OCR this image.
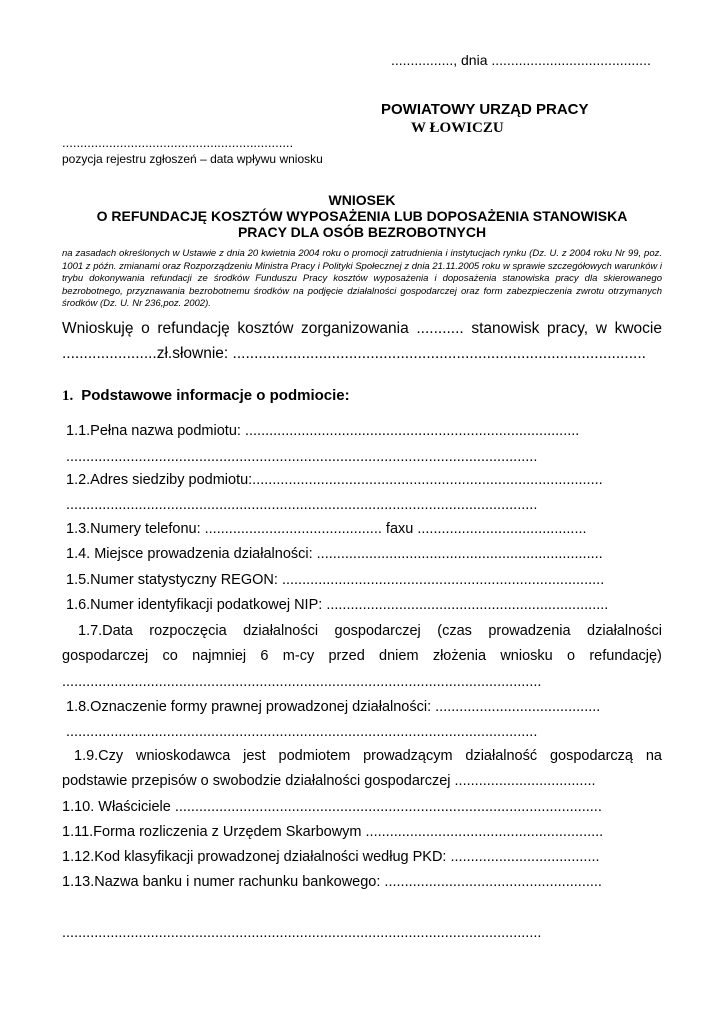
................, dnia .........................................
POWIATOWY URZĄD PRACY
W ŁOWICZU
................................................................
pozycja rejestru zgłoszeń – data wpływu wniosku
WNIOSEK
O REFUNDACJĘ KOSZTÓW WYPOSAŻENIA LUB DOPOSAŻENIA STANOWISKA
PRACY DLA OSÓB BEZROBOTNYCH
na zasadach określonych w Ustawie z dnia 20 kwietnia 2004 roku o promocji zatrudnienia i instytucjach rynku (Dz. U. z 2004 roku Nr 99, poz. 1001 z późn. zmianami oraz Rozporządzeniu Ministra Pracy i Polityki Społecznej z dnia 21.11.2005 roku w sprawie szczegółowych warunków i trybu dokonywania refundacji ze środków Funduszu Pracy kosztów wyposażenia i doposażenia stanowiska pracy dla skierowanego bezrobotnego, przyznawania bezrobotnemu środków na podjęcie działalności gospodarczej oraz form zabezpieczenia zwrotu otrzymanych środków (Dz. U. Nr 236,poz. 2002).
Wnioskuję o refundację kosztów zorganizowania ........... stanowisk pracy, w kwocie
......................zł.słownie: ................................................................................................
1. Podstawowe informacje o podmiocie:
1.1.Pełna nazwa podmiotu: ...................................................................................
.....................................................................................................................
1.2.Adres siedziby podmiotu:.......................................................................................
.....................................................................................................................
1.3.Numery telefonu: ............................................ faxu ..........................................
1.4. Miejsce prowadzenia działalności: .......................................................................
1.5.Numer statystyczny REGON: ................................................................................
1.6.Numer identyfikacji podatkowej NIP: ......................................................................
1.7.Data rozpoczęcia działalności gospodarczej (czas prowadzenia działalności
gospodarczej co najmniej 6 m-cy przed dniem złożenia wniosku o refundację)
.......................................................................................................................
1.8.Oznaczenie formy prawnej prowadzonej działalności: .........................................
.....................................................................................................................
1.9.Czy wnioskodawca jest podmiotem prowadzącym działalność gospodarczą na
podstawie przepisów o swobodzie działalności gospodarczej ...................................
1.10. Właściciele ..........................................................................................................
1.11.Forma rozliczenia z Urzędem Skarbowym ...........................................................
1.12.Kod klasyfikacji prowadzonej działalności według PKD: .....................................
1.13.Nazwa banku i numer rachunku bankowego: ......................................................
.......................................................................................................................
